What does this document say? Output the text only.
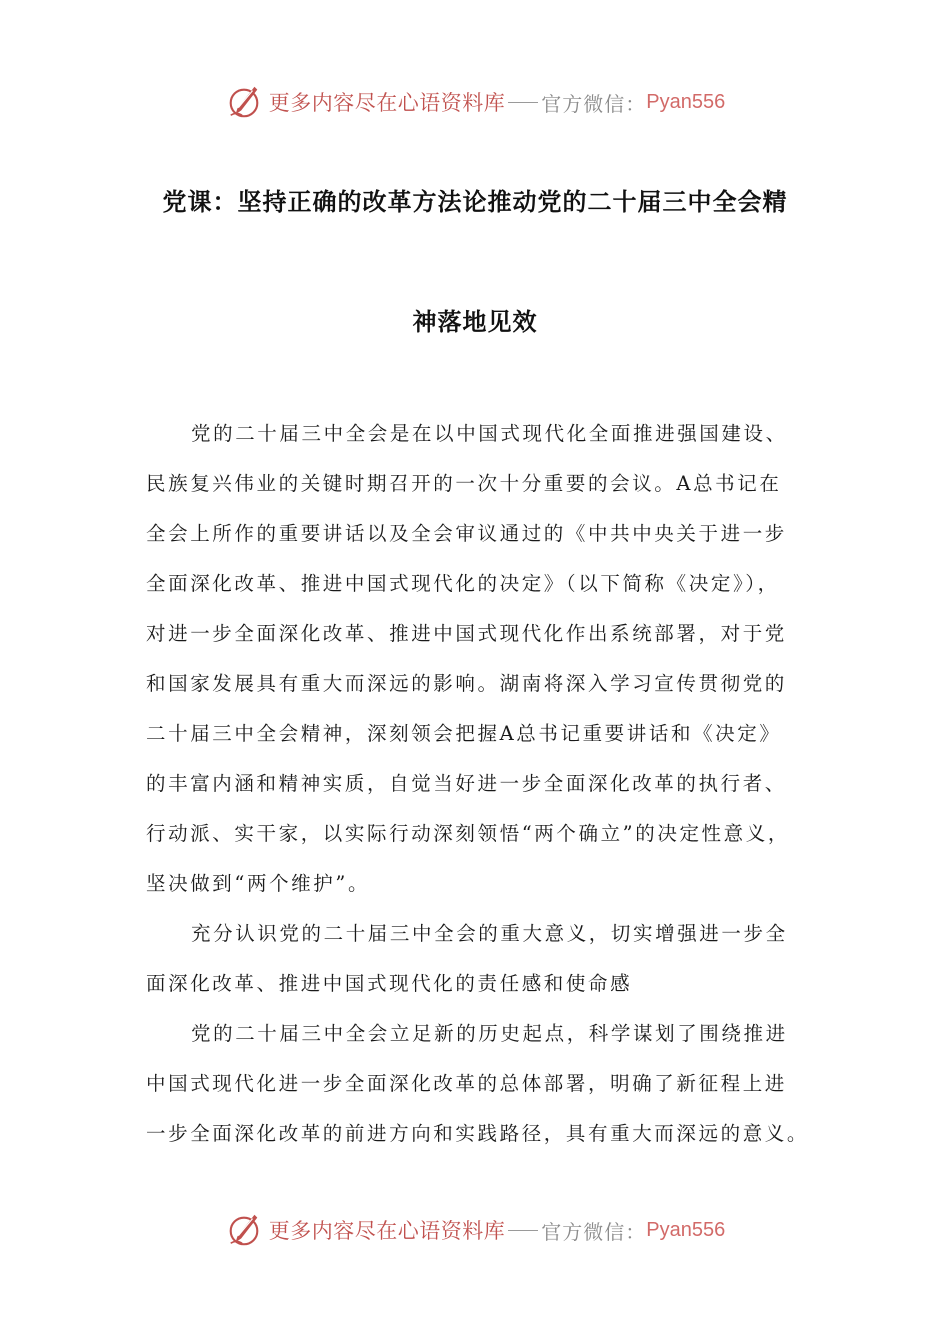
更多内容尽在心语资料库 官方微信： Pyan556
党课：坚持正确的改革方法论推动党的二十届三中全会精
神落地见效
党的二十届三中全会是在以中国式现代化全面推进强国建设、
民族复兴伟业的关键时期召开的一次十分重要的会议。A总书记在
全会上所作的重要讲话以及全会审议通过的《中共中央关于进一步
全面深化改革、推进中国式现代化的决定》（以下简称《决定》），
对进一步全面深化改革、推进中国式现代化作出系统部署，对于党
和国家发展具有重大而深远的影响。湖南将深入学习宣传贯彻党的
二十届三中全会精神，深刻领会把握A总书记重要讲话和《决定》
的丰富内涵和精神实质，自觉当好进一步全面深化改革的执行者、
行动派、实干家，以实际行动深刻领悟“两个确立”的决定性意义，
坚决做到“两个维护”。
充分认识党的二十届三中全会的重大意义，切实增强进一步全
面深化改革、推进中国式现代化的责任感和使命感
党的二十届三中全会立足新的历史起点，科学谋划了围绕推进
中国式现代化进一步全面深化改革的总体部署，明确了新征程上进
一步全面深化改革的前进方向和实践路径，具有重大而深远的意义。
更多内容尽在心语资料库 官方微信： Pyan556
